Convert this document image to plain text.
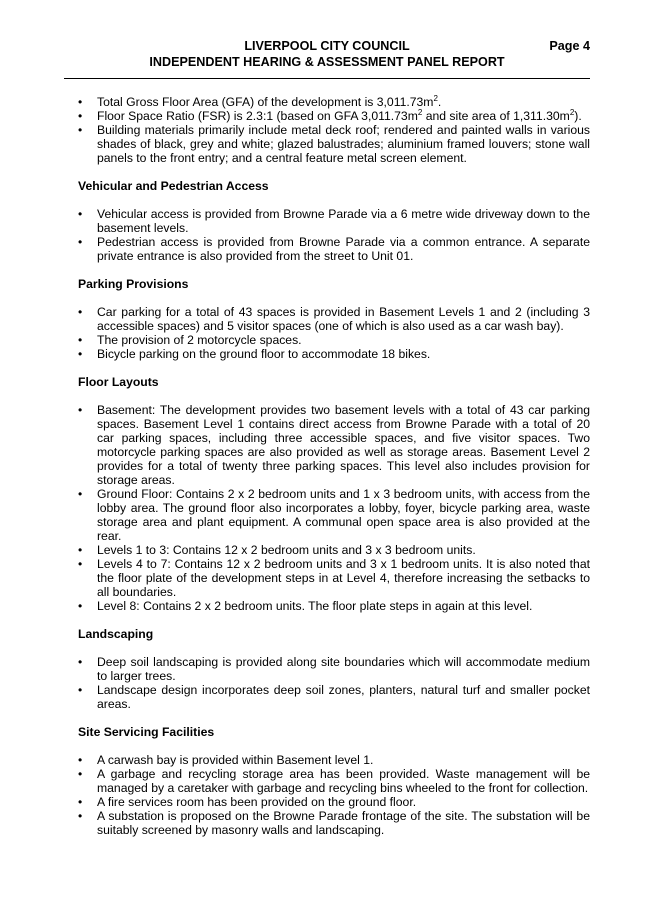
LIVERPOOL CITY COUNCIL	Page 4
INDEPENDENT HEARING & ASSESSMENT PANEL REPORT
• Total Gross Floor Area (GFA) of the development is $3,011.73m^2$.
• Floor Space Ratio (FSR) is 2.3:1 (based on GFA $3,011.73m^2$ and site area of $1,311.30m^2$).
• Building materials primarily include metal deck roof; rendered and painted walls in various shades of black, grey and white; glazed balustrades; aluminium framed louvers; stone wall panels to the front entry; and a central feature metal screen element.
Vehicular and Pedestrian Access
• Vehicular access is provided from Browne Parade via a 6 metre wide driveway down to the basement levels.
• Pedestrian access is provided from Browne Parade via a common entrance. A separate private entrance is also provided from the street to Unit 01.
Parking Provisions
• Car parking for a total of 43 spaces is provided in Basement Levels 1 and 2 (including 3 accessible spaces) and 5 visitor spaces (one of which is also used as a car wash bay).
• The provision of 2 motorcycle spaces.
• Bicycle parking on the ground floor to accommodate 18 bikes.
Floor Layouts
• Basement: The development provides two basement levels with a total of 43 car parking spaces. Basement Level 1 contains direct access from Browne Parade with a total of 20 car parking spaces, including three accessible spaces, and five visitor spaces. Two motorcycle parking spaces are also provided as well as storage areas. Basement Level 2 provides for a total of twenty three parking spaces. This level also includes provision for storage areas.
• Ground Floor: Contains 2 x 2 bedroom units and 1 x 3 bedroom units, with access from the lobby area. The ground floor also incorporates a lobby, foyer, bicycle parking area, waste storage area and plant equipment. A communal open space area is also provided at the rear.
• Levels 1 to 3: Contains 12 x 2 bedroom units and 3 x 3 bedroom units.
• Levels 4 to 7: Contains 12 x 2 bedroom units and 3 x 1 bedroom units. It is also noted that the floor plate of the development steps in at Level 4, therefore increasing the setbacks to all boundaries.
• Level 8: Contains 2 x 2 bedroom units. The floor plate steps in again at this level.
Landscaping
• Deep soil landscaping is provided along site boundaries which will accommodate medium to larger trees.
• Landscape design incorporates deep soil zones, planters, natural turf and smaller pocket areas.
Site Servicing Facilities
• A carwash bay is provided within Basement level 1.
• A garbage and recycling storage area has been provided. Waste management will be managed by a caretaker with garbage and recycling bins wheeled to the front for collection.
• A fire services room has been provided on the ground floor.
• A substation is proposed on the Browne Parade frontage of the site. The substation will be suitably screened by masonry walls and landscaping.
